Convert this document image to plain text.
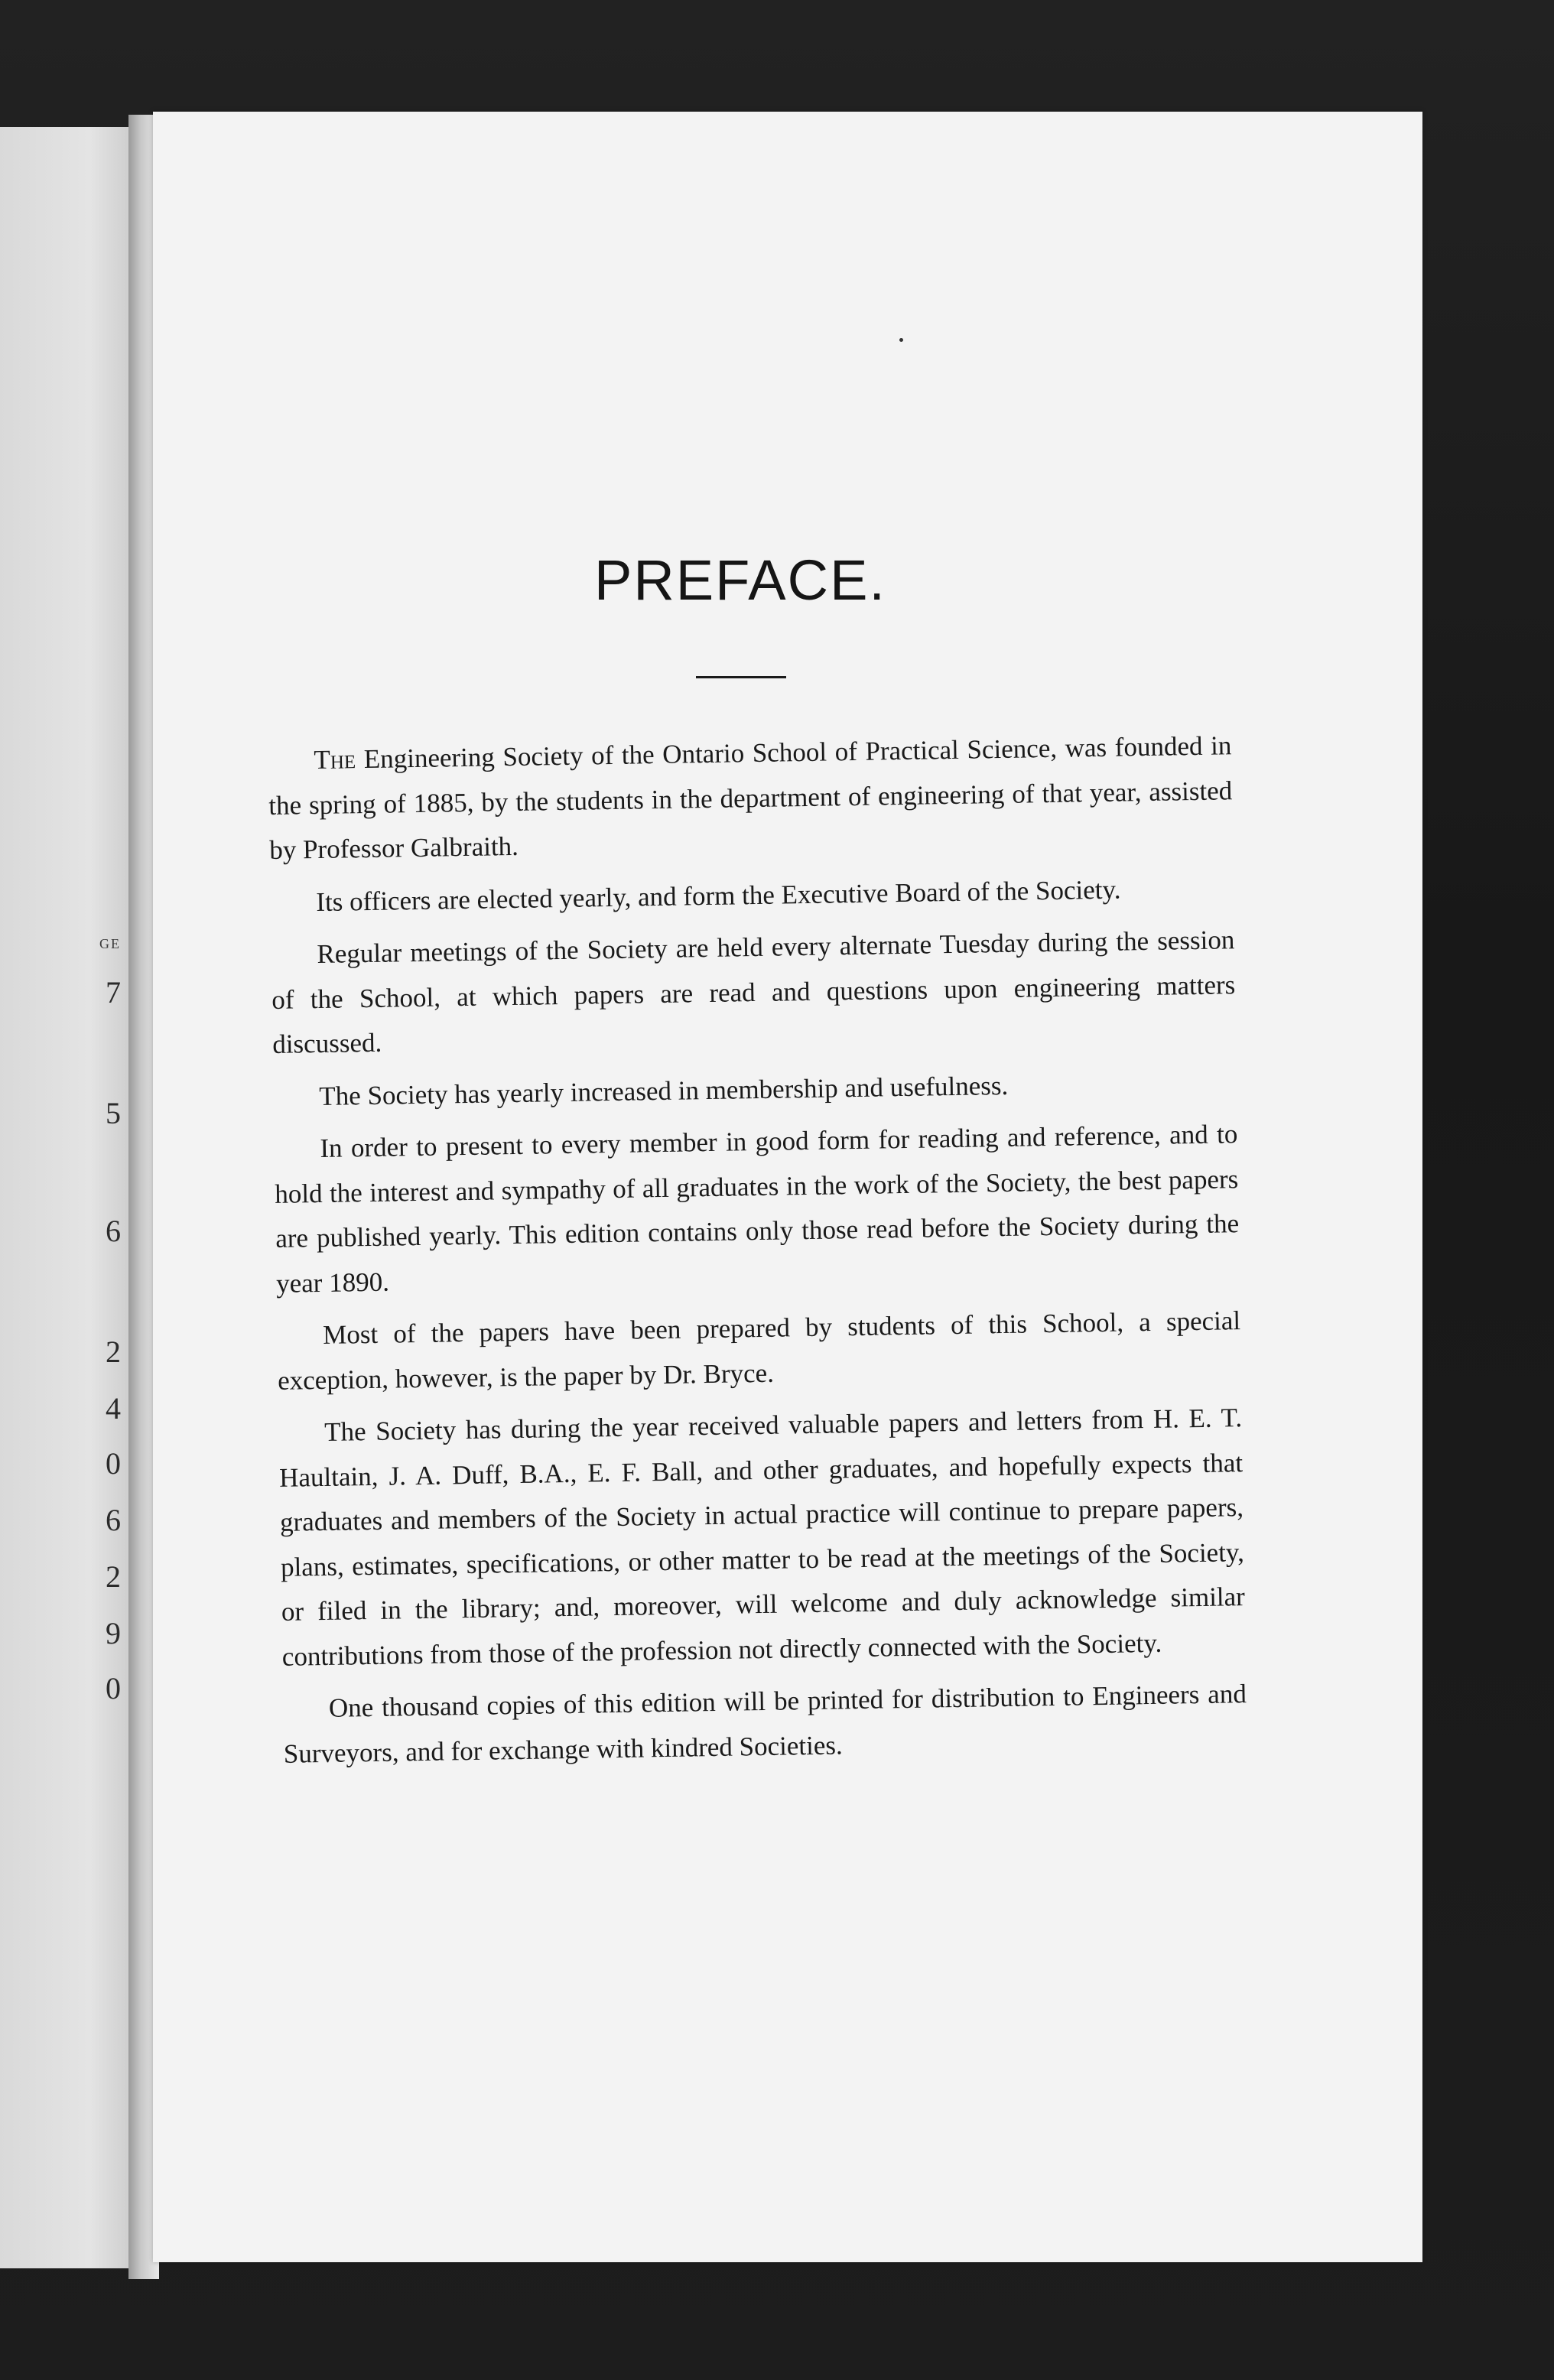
GE
7
5
6
2
4
0
6
2
9
0
PREFACE.

The Engineering Society of the Ontario School of Practical Science, was founded in the spring of 1885, by the students in the department of engineering of that year, assisted by Professor Galbraith.

Its officers are elected yearly, and form the Executive Board of the Society.

Regular meetings of the Society are held every alternate Tuesday during the session of the School, at which papers are read and questions upon engineering matters discussed.

The Society has yearly increased in membership and usefulness.

In order to present to every member in good form for reading and reference, and to hold the interest and sympathy of all graduates in the work of the Society, the best papers are published yearly. This edition contains only those read before the Society during the year 1890.

Most of the papers have been prepared by students of this School, a special exception, however, is the paper by Dr. Bryce.

The Society has during the year received valuable papers and letters from H. E. T. Haultain, J. A. Duff, B.A., E. F. Ball, and other graduates, and hopefully expects that graduates and members of the Society in actual practice will continue to prepare papers, plans, estimates, specifications, or other matter to be read at the meetings of the Society, or filed in the library; and, moreover, will welcome and duly acknowledge similar contributions from those of the profession not directly connected with the Society.

One thousand copies of this edition will be printed for distribution to Engineers and Surveyors, and for exchange with kindred Societies.
